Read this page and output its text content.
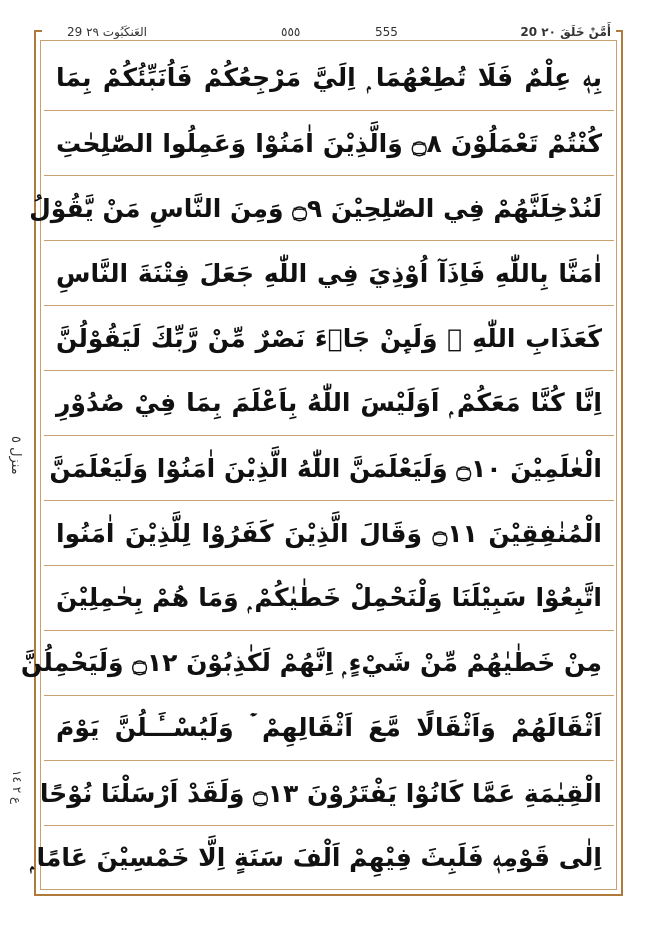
29 العَنكَبُوت ٢٩	٥٥٥	555	20 أَمَّنْ خَلَقَ ٢٠
بِهٖ عِلْمٌ فَلَا تُطِعْهُمَا ۭ اِلَيَّ مَرْجِعُكُمْ فَاُنَبِّئُكُمْ بِمَا
كُنْتُمْ تَعْمَلُوْنَ ۝٨ وَالَّذِيْنَ اٰمَنُوْا وَعَمِلُوا الصّٰلِحٰتِ
لَنُدْخِلَنَّهُمْ فِي الصّٰلِحِيْنَ ۝٩ وَمِنَ النَّاسِ مَنْ يَّقُوْلُ
اٰمَنَّا بِاللّٰهِ فَاِذَآ اُوْذِيَ فِي اللّٰهِ جَعَلَ فِتْنَةَ النَّاسِ
كَعَذَابِ اللّٰهِ ۭ وَلَىِٕنْ جَاۗءَ نَصْرٌ مِّنْ رَّبِّكَ لَيَقُوْلُنَّ
اِنَّا كُنَّا مَعَكُمْ ۭ اَوَلَيْسَ اللّٰهُ بِاَعْلَمَ بِمَا فِيْ صُدُوْرِ
الْعٰلَمِيْنَ ۝١٠ وَلَيَعْلَمَنَّ اللّٰهُ الَّذِيْنَ اٰمَنُوْا وَلَيَعْلَمَنَّ
الْمُنٰفِقِيْنَ ۝١١ وَقَالَ الَّذِيْنَ كَفَرُوْا لِلَّذِيْنَ اٰمَنُوا
اتَّبِعُوْا سَبِيْلَنَا وَلْنَحْمِلْ خَطٰيٰكُمْ ۭ وَمَا هُمْ بِحٰمِلِيْنَ
مِنْ خَطٰيٰهُمْ مِّنْ شَيْءٍ ۭ اِنَّهُمْ لَكٰذِبُوْنَ ۝١٢ وَلَيَحْمِلُنَّ
اَثْقَالَهُمْ وَاَثْقَالًا مَّعَ اَثْقَالِهِمْ ۡ وَلَيُسْــَٔـلُنَّ يَوْمَ
الْقِيٰمَةِ عَمَّا كَانُوْا يَفْتَرُوْنَ ۝١٣ وَلَقَدْ اَرْسَلْنَا نُوْحًا
اِلٰى قَوْمِهٖ فَلَبِثَ فِيْهِمْ اَلْفَ سَنَةٍ اِلَّا خَمْسِيْنَ عَامًا ۭ
منزل ٥
ع ٢ ١٤
